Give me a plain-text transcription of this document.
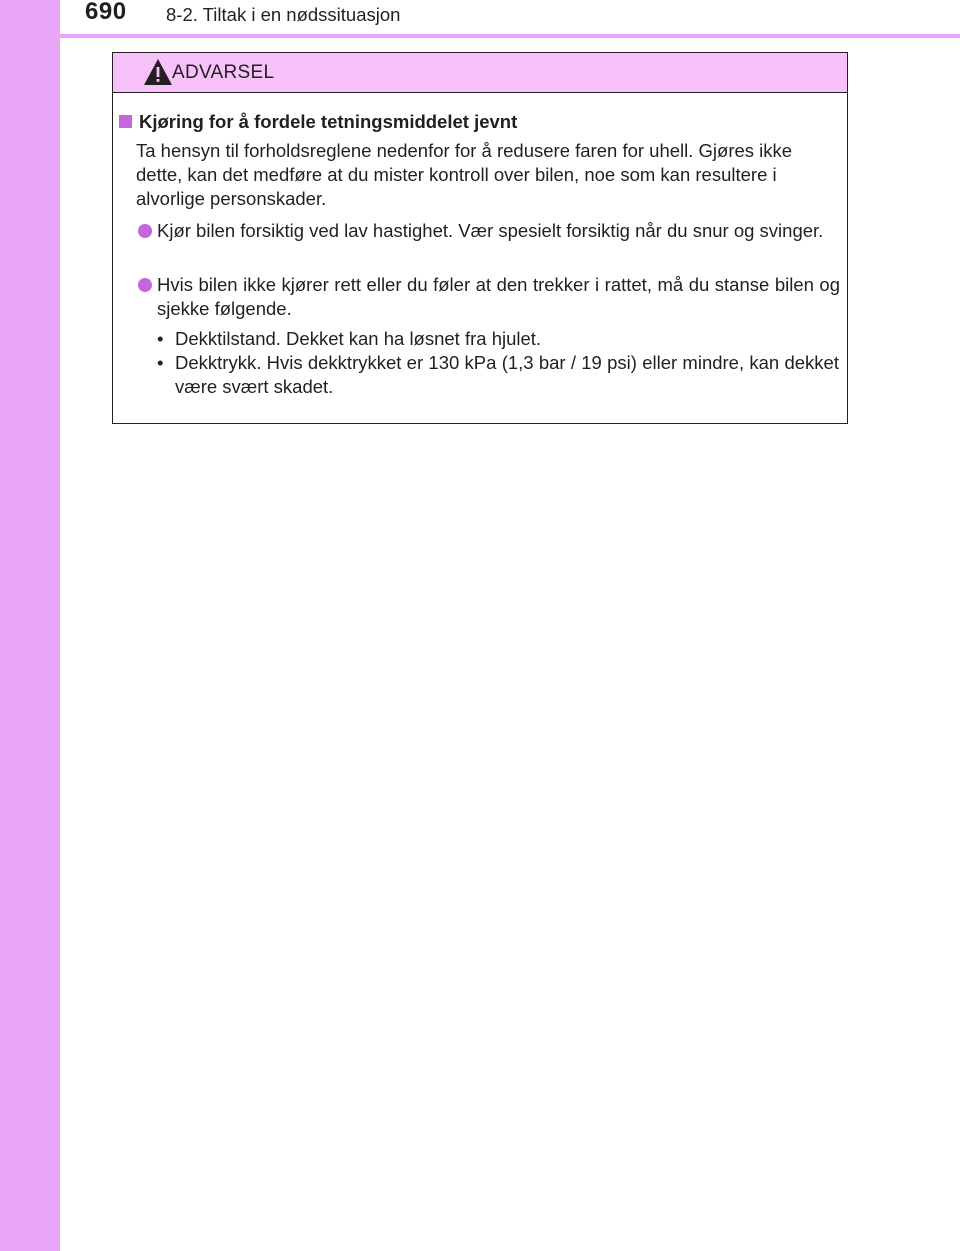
690 8-2. Tiltak i en nødssituasjon
ADVARSEL
Kjøring for å fordele tetningsmiddelet jevnt
Ta hensyn til forholdsreglene nedenfor for å redusere faren for uhell. Gjøres ikke dette, kan det medføre at du mister kontroll over bilen, noe som kan resultere i alvorlige personskader.
Kjør bilen forsiktig ved lav hastighet. Vær spesielt forsiktig når du snur og svinger.
Hvis bilen ikke kjører rett eller du føler at den trekker i rattet, må du stanse bilen og sjekke følgende.
• Dekktilstand. Dekket kan ha løsnet fra hjulet.
• Dekktrykk. Hvis dekktrykket er 130 kPa (1,3 bar / 19 psi) eller mindre, kan dekket være svært skadet.
